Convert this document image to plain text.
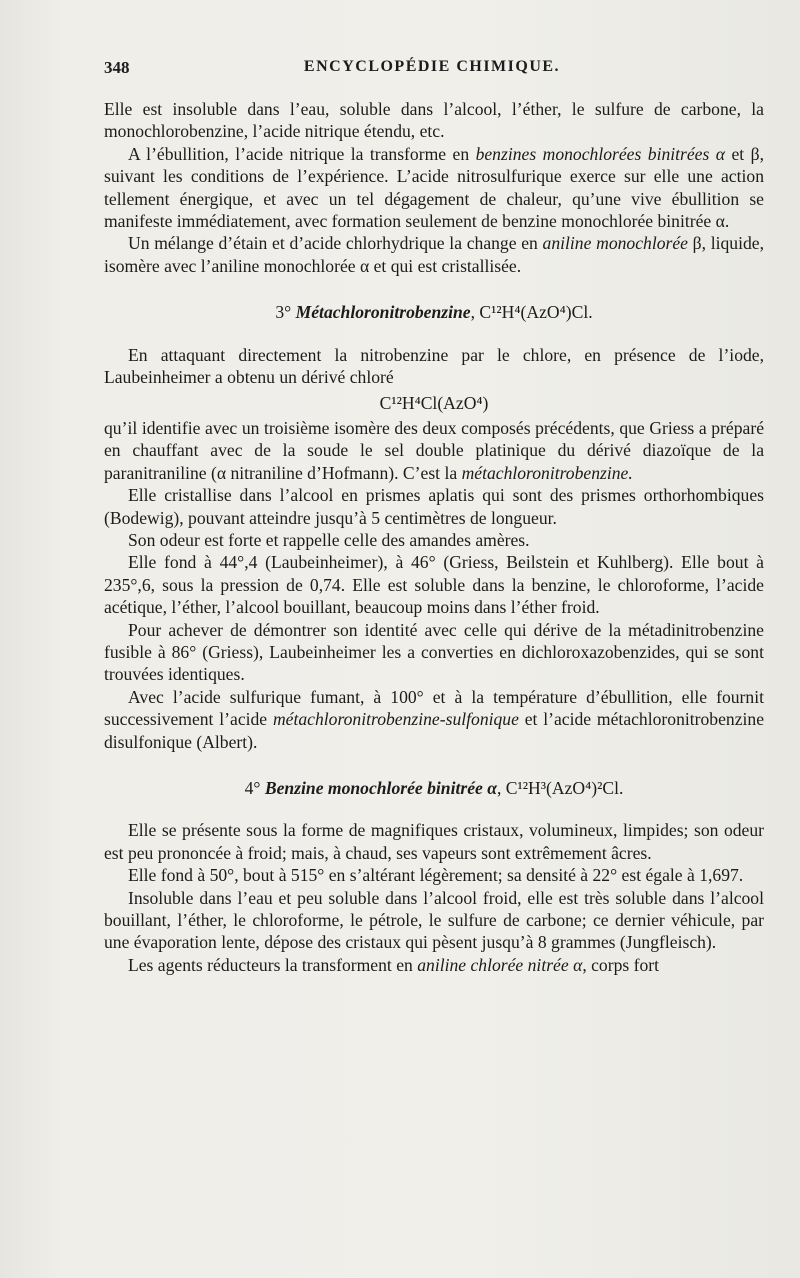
348	ENCYCLOPÉDIE CHIMIQUE.

Elle est insoluble dans l’eau, soluble dans l’alcool, l’éther, le sulfure de carbone, la monochlorobenzine, l’acide nitrique étendu, etc.

A l’ébullition, l’acide nitrique la transforme en benzines monochlorées binitrées α et β, suivant les conditions de l’expérience. L’acide nitrosulfurique exerce sur elle une action tellement énergique, et avec un tel dégagement de chaleur, qu’une vive ébullition se manifeste immédiatement, avec formation seulement de benzine monochlorée binitrée α.

Un mélange d’étain et d’acide chlorhydrique la change en aniline monochlorée β, liquide, isomère avec l’aniline monochlorée α et qui est cristallisée.

3° Métachloronitrobenzine, C¹²H⁴(AzO⁴)Cl.

En attaquant directement la nitrobenzine par le chlore, en présence de l’iode, Laubeinheimer a obtenu un dérivé chloré

C¹²H⁴Cl(AzO⁴)

qu’il identifie avec un troisième isomère des deux composés précédents, que Griess a préparé en chauffant avec de la soude le sel double platinique du dérivé diazoïque de la paranitraniline (α nitraniline d’Hofmann). C’est la métachloronitrobenzine.

Elle cristallise dans l’alcool en prismes aplatis qui sont des prismes orthorhombiques (Bodewig), pouvant atteindre jusqu’à 5 centimètres de longueur.

Son odeur est forte et rappelle celle des amandes amères.

Elle fond à 44°,4 (Laubeinheimer), à 46° (Griess, Beilstein et Kuhlberg). Elle bout à 235°,6, sous la pression de 0,74. Elle est soluble dans la benzine, le chloroforme, l’acide acétique, l’éther, l’alcool bouillant, beaucoup moins dans l’éther froid.

Pour achever de démontrer son identité avec celle qui dérive de la métadinitrobenzine fusible à 86° (Griess), Laubeinheimer les a converties en dichloroxazobenzides, qui se sont trouvées identiques.

Avec l’acide sulfurique fumant, à 100° et à la température d’ébullition, elle fournit successivement l’acide métachloronitrobenzine-sulfonique et l’acide métachloronitrobenzine disulfonique (Albert).

4° Benzine monochlorée binitrée α, C¹²H³(AzO⁴)²Cl.

Elle se présente sous la forme de magnifiques cristaux, volumineux, limpides; son odeur est peu prononcée à froid; mais, à chaud, ses vapeurs sont extrêmement âcres.

Elle fond à 50°, bout à 515° en s’altérant légèrement; sa densité à 22° est égale à 1,697.

Insoluble dans l’eau et peu soluble dans l’alcool froid, elle est très soluble dans l’alcool bouillant, l’éther, le chloroforme, le pétrole, le sulfure de carbone; ce dernier véhicule, par une évaporation lente, dépose des cristaux qui pèsent jusqu’à 8 grammes (Jungfleisch).

Les agents réducteurs la transforment en aniline chlorée nitrée α, corps fort
